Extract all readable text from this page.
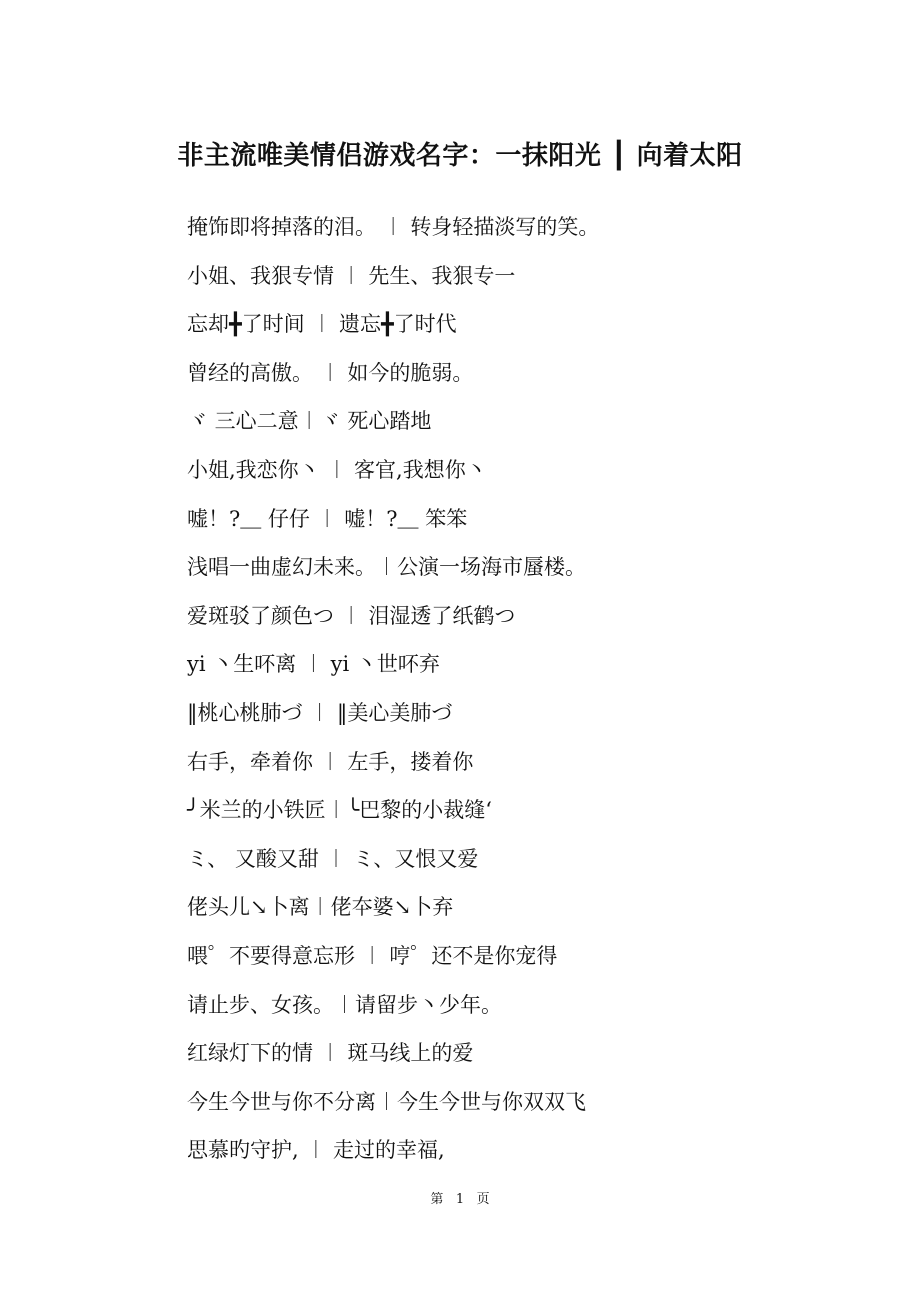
非主流唯美情侣游戏名字：一抹阳光 ┃ 向着太阳
掩饰即将掉落的泪。 ︱ 转身轻描淡写的笑。
小姐、我狠专情 ︱ 先生、我狠专一
忘却╋了时间 ︱ 遗忘╋了时代
曾经的高傲。 ︱ 如今的脆弱。
ヾ 三心二意︱ヾ 死心踏地
小姐,我恋你丶 ︱ 客官,我想你丶
嘘！?＿ 仔仔 ︱ 嘘！?＿ 笨笨
浅唱一曲虚幻未来。︱公演一场海市蜃楼。
爱斑驳了颜色つ ︱ 泪湿透了纸鹤つ
yi 丶生吥离 ︱ yi 丶世吥弃
‖桃心桃肺づ ︱ ‖美心美肺づ
右手，牵着你 ︱ 左手，搂着你
╯米兰的小铁匠︱╰巴黎的小裁缝‘
ミ、 又酸又甜 ︱ ミ、又恨又爱
佬头儿↘卜离︱佬夲婆↘卜弃
喂゜不要得意忘形 ︱ 哼゜还不是你宠得
请止步、女孩。︱请留步丶少年。
红绿灯下的情 ︱ 斑马线上的爱
今生今世与你不分离︱今生今世与你双双飞
思慕旳守护, ︱ 走过的幸福,
第 1 页
